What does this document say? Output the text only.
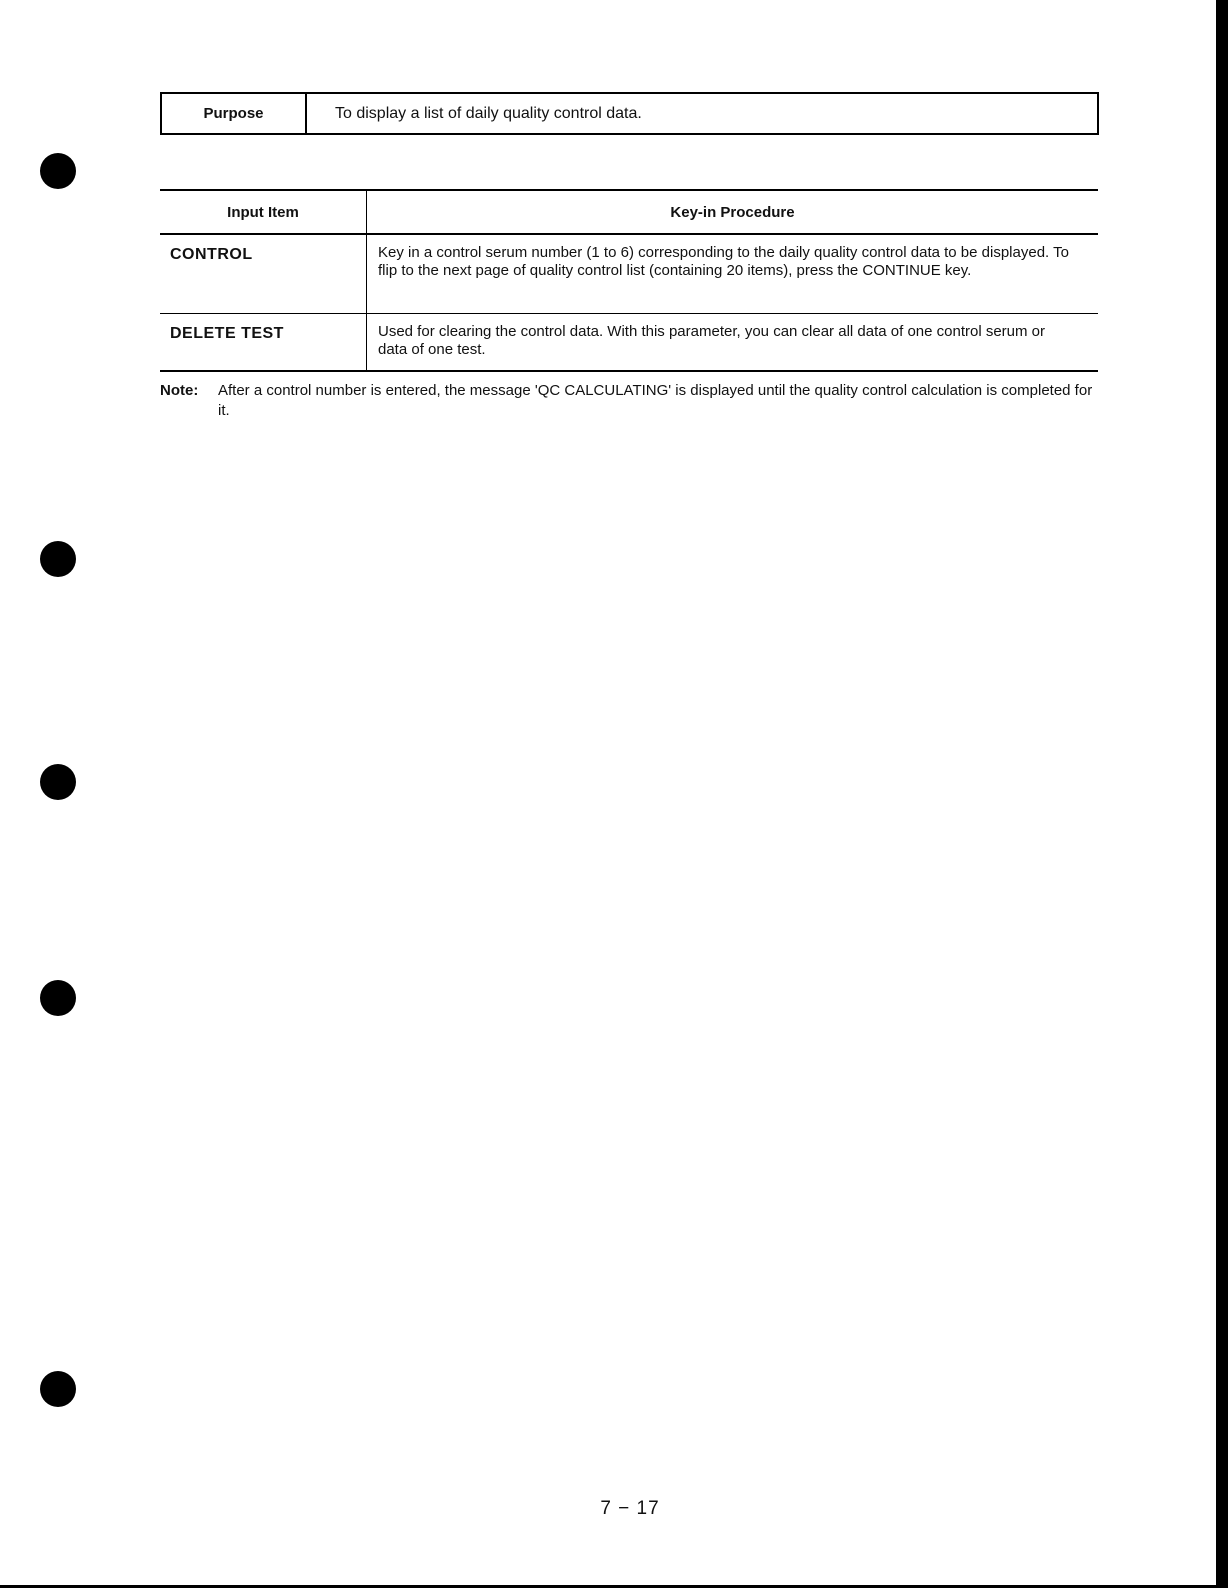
Purpose	To display a list of daily quality control data.
Input Item	Key-in Procedure
CONTROL	Key in a control serum number (1 to 6) corresponding to the daily quality control data to be displayed. To flip to the next page of quality control list (containing 20 items), press the CONTINUE key.
DELETE TEST	Used for clearing the control data. With this parameter, you can clear all data of one control serum or data of one test.
Note:	After a control number is entered, the message 'QC CALCULATING' is displayed until the quality control calculation is completed for it.
7 − 17
